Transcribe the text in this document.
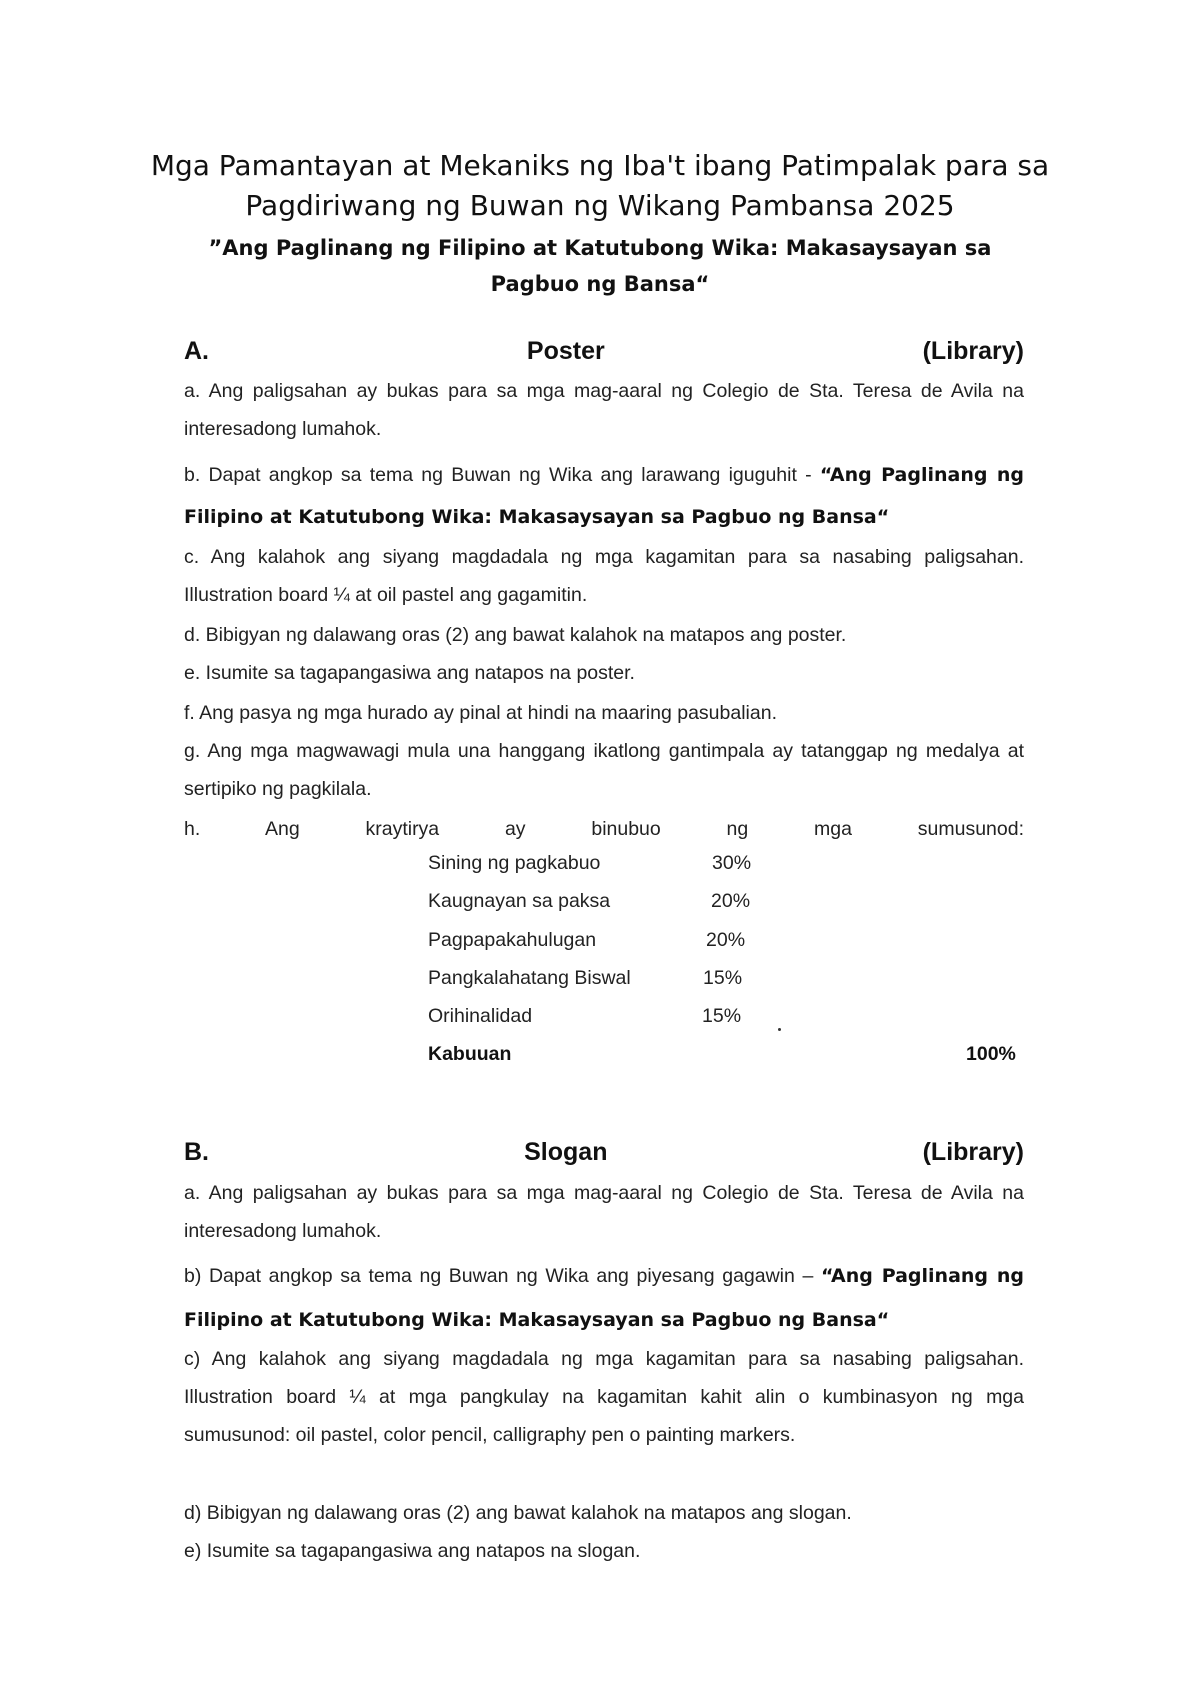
Mga Pamantayan at Mekaniks ng Iba't ibang Patimpalak para sa
Pagdiriwang ng Buwan ng Wikang Pambansa 2025
”Ang Paglinang ng Filipino at Katutubong Wika: Makasaysayan sa
Pagbuo ng Bansa“
A.	Poster	(Library)
a. Ang paligsahan ay bukas para sa mga mag-aaral ng Colegio de Sta. Teresa de Avila na interesadong lumahok.
b. Dapat angkop sa tema ng Buwan ng Wika ang larawang iguguhit - “Ang Paglinang ng Filipino at Katutubong Wika: Makasaysayan sa Pagbuo ng Bansa“
c. Ang kalahok ang siyang magdadala ng mga kagamitan para sa nasabing paligsahan. Illustration board ¼ at oil pastel ang gagamitin.
d. Bibigyan ng dalawang oras (2) ang bawat kalahok na matapos ang poster.
e. Isumite sa tagapangasiwa ang natapos na poster.
f. Ang pasya ng mga hurado ay pinal at hindi na maaring pasubalian.
g. Ang mga magwawagi mula una hanggang ikatlong gantimpala ay tatanggap ng medalya at sertipiko ng pagkilala.
h. Ang kraytirya ay binubuo ng mga sumusunod:
Sining ng pagkabuo	30%
Kaugnayan sa paksa	20%
Pagpapakahulugan	20%
Pangkalahatang Biswal	15%
Orihinalidad	15%
Kabuuan	100%
B.	Slogan	(Library)
a. Ang paligsahan ay bukas para sa mga mag-aaral ng Colegio de Sta. Teresa de Avila na interesadong lumahok.
b) Dapat angkop sa tema ng Buwan ng Wika ang piyesang gagawin – “Ang Paglinang ng Filipino at Katutubong Wika: Makasaysayan sa Pagbuo ng Bansa“
c) Ang kalahok ang siyang magdadala ng mga kagamitan para sa nasabing paligsahan. Illustration board ¼ at mga pangkulay na kagamitan kahit alin o kumbinasyon ng mga sumusunod: oil pastel, color pencil, calligraphy pen o painting markers.
d) Bibigyan ng dalawang oras (2) ang bawat kalahok na matapos ang slogan.
e) Isumite sa tagapangasiwa ang natapos na slogan.
